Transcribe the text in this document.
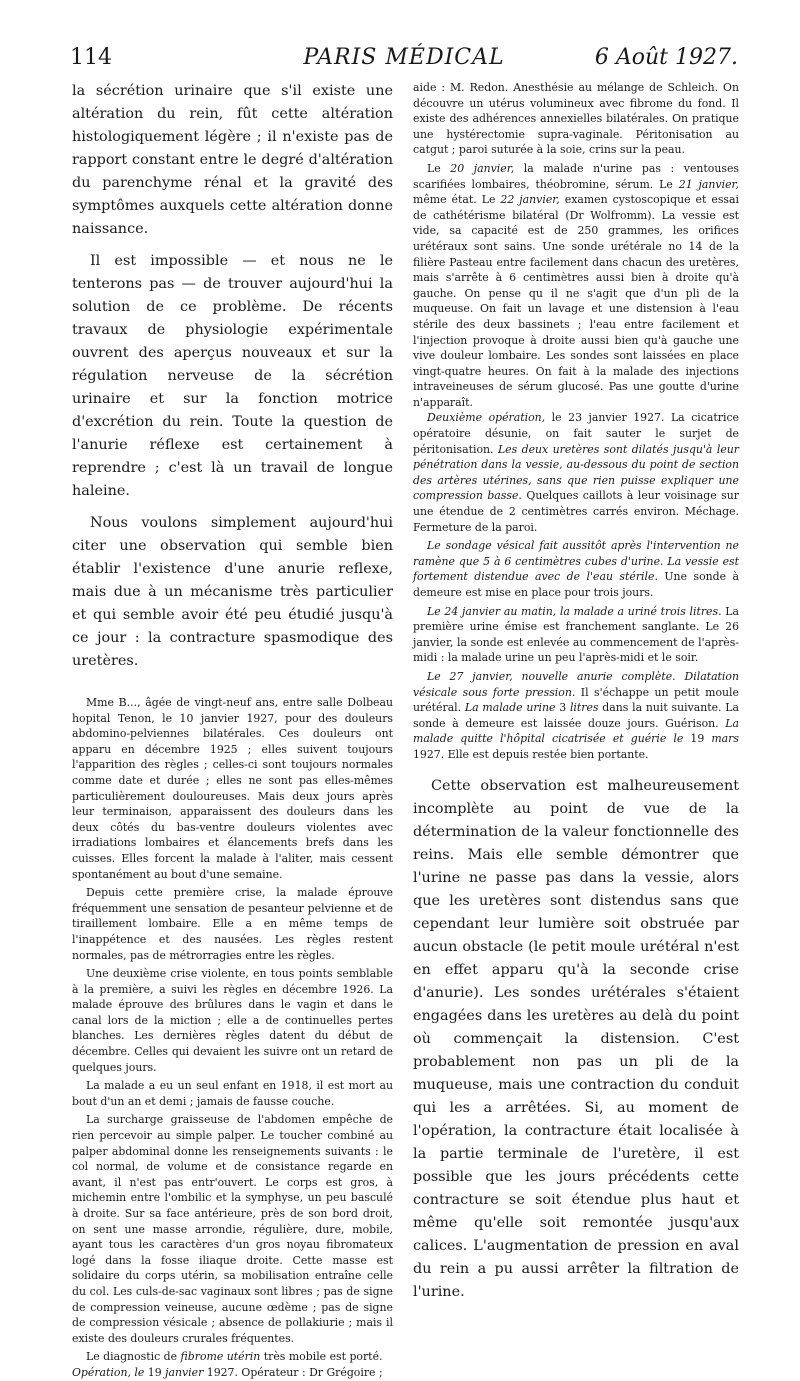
114	PARIS MÉDICAL	6 Août 1927.

la sécrétion urinaire que s'il existe une altération du rein, fût cette altération histologiquement légère ; il n'existe pas de rapport constant entre le degré d'altération du parenchyme rénal et la gravité des symptômes auxquels cette altération donne naissance.

Il est impossible — et nous ne le tenterons pas — de trouver aujourd'hui la solution de ce problème. De récents travaux de physiologie expérimentale ouvrent des aperçus nouveaux et sur la régulation nerveuse de la sécrétion urinaire et sur la fonction motrice d'excrétion du rein. Toute la question de l'anurie réflexe est certainement à reprendre ; c'est là un travail de longue haleine.

Nous voulons simplement aujourd'hui citer une observation qui semble bien établir l'existence d'une anurie reflexe, mais due à un mécanisme très particulier et qui semble avoir été peu étudié jusqu'à ce jour : la contracture spasmodique des uretères.

Mme B..., âgée de vingt-neuf ans, entre salle Dolbeau hopital Tenon, le 10 janvier 1927, pour des douleurs abdomino-pelviennes bilatérales. Ces douleurs ont apparu en décembre 1925 ; elles suivent toujours l'apparition des règles ; celles-ci sont toujours normales comme date et durée ; elles ne sont pas elles-mêmes particulièrement douloureuses. Mais deux jours après leur terminaison, apparaissent des douleurs dans les deux côtés du bas-ventre douleurs violentes avec irradiations lombaires et élancements brefs dans les cuisses. Elles forcent la malade à l'aliter, mais cessent spontanément au bout d'une semaine.

Depuis cette première crise, la malade éprouve fréquemment une sensation de pesanteur pelvienne et de tiraillement lombaire. Elle a en même temps de l'inappétence et des nausées. Les règles restent normales, pas de métrorragies entre les règles.

Une deuxième crise violente, en tous points semblable à la première, a suivi les règles en décembre 1926. La malade éprouve des brûlures dans le vagin et dans le canal lors de la miction ; elle a de continuelles pertes blanches. Les dernières règles datent du début de décembre. Celles qui devaient les suivre ont un retard de quelques jours.

La malade a eu un seul enfant en 1918, il est mort au bout d'un an et demi ; jamais de fausse couche.

La surcharge graisseuse de l'abdomen empêche de rien percevoir au simple palper. Le toucher combiné au palper abdominal donne les renseignements suivants : le col normal, de volume et de consistance regarde en avant, il n'est pas entr'ouvert. Le corps est gros, à michemin entre l'ombilic et la symphyse, un peu basculé à droite. Sur sa face antérieure, près de son bord droit, on sent une masse arrondie, régulière, dure, mobile, ayant tous les caractères d'un gros noyau fibromateux logé dans la fosse iliaque droite. Cette masse est solidaire du corps utérin, sa mobilisation entraîne celle du col. Les culs-de-sac vaginaux sont libres ; pas de signe de compression veineuse, aucune œdème ; pas de signe de compression vésicale ; absence de pollakiurie ; mais il existe des douleurs crurales fréquentes.

Le diagnostic de fibrome utérin très mobile est porté.

Opération, le 19 janvier 1927. Opérateur : Dr Grégoire ;

aide : M. Redon. Anesthésie au mélange de Schleich. On découvre un utérus volumineux avec fibrome du fond. Il existe des adhérences annexielles bilatérales. On pratique une hystérectomie supra-vaginale. Péritonisation au catgut ; paroi suturée à la soie, crins sur la peau.

Le 20 janvier, la malade n'urine pas : ventouses scarifiées lombaires, théobromine, sérum. Le 21 janvier, même état. Le 22 janvier, examen cystoscopique et essai de cathétérisme bilatéral (Dr Wolfromm). La vessie est vide, sa capacité est de 250 grammes, les orifices urétéraux sont sains. Une sonde urétérale no 14 de la filière Pasteau entre facilement dans chacun des uretères, mais s'arrête à 6 centimètres aussi bien à droite qu'à gauche. On pense qu il ne s'agit que d'un pli de la muqueuse. On fait un lavage et une distension à l'eau stérile des deux bassinets ; l'eau entre facilement et l'injection provoque à droite aussi bien qu'à gauche une vive douleur lombaire. Les sondes sont laissées en place vingt-quatre heures. On fait à la malade des injections intraveineuses de sérum glucosé. Pas une goutte d'urine n'apparaît.

Deuxième opération, le 23 janvier 1927. La cicatrice opératoire désunie, on fait sauter le surjet de péritonisation. Les deux uretères sont dilatés jusqu'à leur pénétration dans la vessie, au-dessous du point de section des artères utérines, sans que rien puisse expliquer une compression basse. Quelques caillots à leur voisinage sur une étendue de 2 centimètres carrés environ. Méchage. Fermeture de la paroi.

Le sondage vésical fait aussitôt après l'intervention ne ramène que 5 à 6 centimètres cubes d'urine. La vessie est fortement distendue avec de l'eau stérile. Une sonde à demeure est mise en place pour trois jours.

Le 24 janvier au matin, la malade a uriné trois litres. La première urine émise est franchement sanglante. Le 26 janvier, la sonde est enlevée au commencement de l'après-midi : la malade urine un peu l'après-midi et le soir.

Le 27 janvier, nouvelle anurie complète. Dilatation vésicale sous forte pression. Il s'échappe un petit moule urétéral. La malade urine 3 litres dans la nuit suivante. La sonde à demeure est laissée douze jours. Guérison. La malade quitte l'hôpital cicatrisée et guérie le 19 mars 1927. Elle est depuis restée bien portante.

Cette observation est malheureusement incomplète au point de vue de la détermination de la valeur fonctionnelle des reins. Mais elle semble démontrer que l'urine ne passe pas dans la vessie, alors que les uretères sont distendus sans que cependant leur lumière soit obstruée par aucun obstacle (le petit moule urétéral n'est en effet apparu qu'à la seconde crise d'anurie). Les sondes urétérales s'étaient engagées dans les uretères au delà du point où commençait la distension. C'est probablement non pas un pli de la muqueuse, mais une contraction du conduit qui les a arrêtées. Si, au moment de l'opération, la contracture était localisée à la partie terminale de l'uretère, il est possible que les jours précédents cette contracture se soit étendue plus haut et même qu'elle soit remontée jusqu'aux calices. L'augmentation de pression en aval du rein a pu aussi arrêter la filtration de l'urine.
